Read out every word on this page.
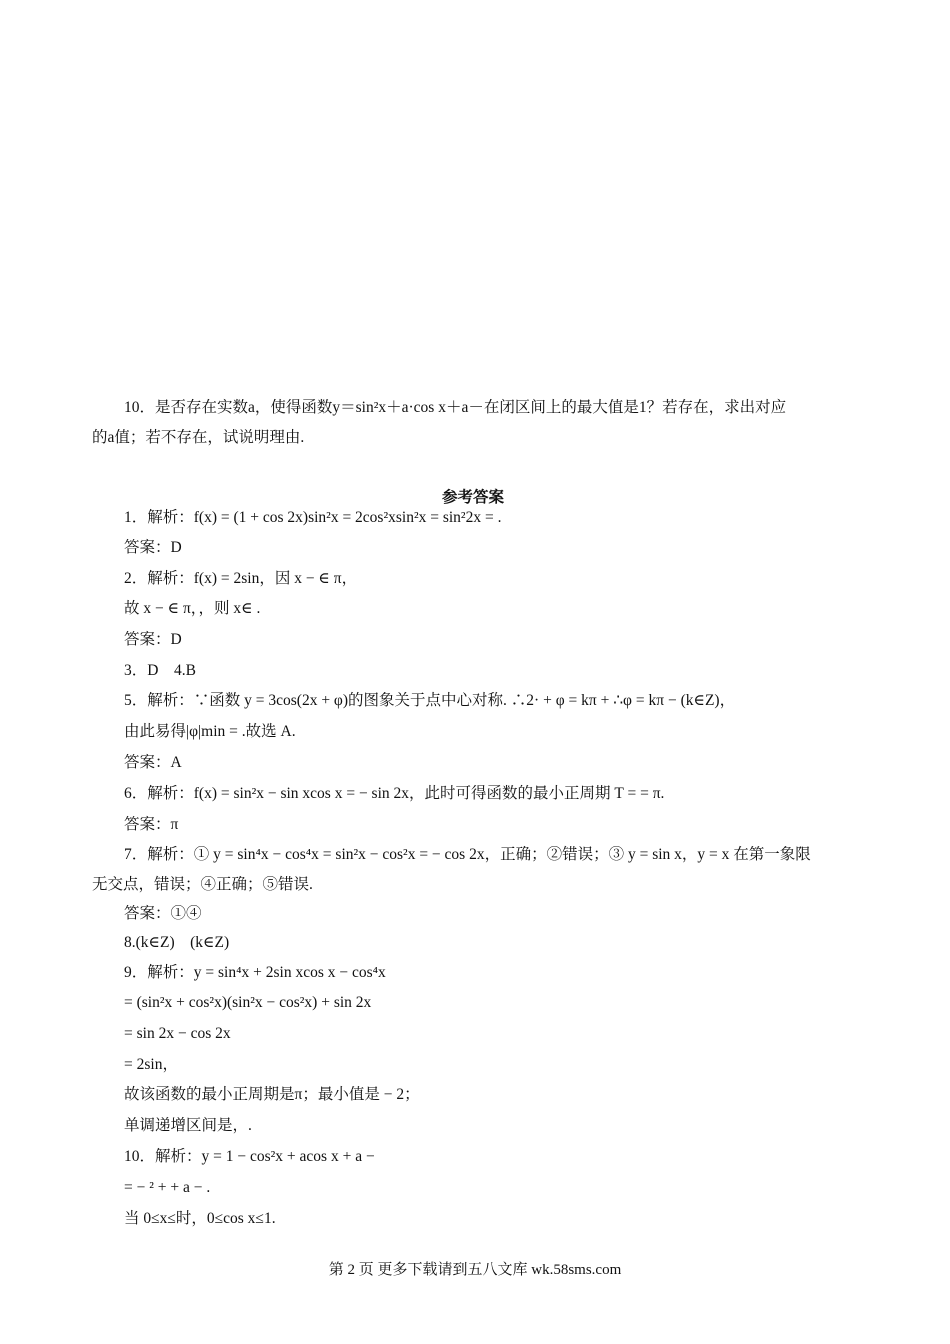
10．是否存在实数a，使得函数y＝sin²x＋a·cos x＋a－在闭区间上的最大值是1？若存在，求出对应
的a值；若不存在，试说明理由.
参考答案
1．解析：f(x) = (1 + cos 2x)sin²x = 2cos²xsin²x = sin²2x = .
答案：D
2．解析：f(x) = 2sin，因 x − ∈ π，
故 x − ∈ π，，则 x∈ .
答案：D
3．D　4.B
5．解析：∵函数 y = 3cos(2x + φ)的图象关于点中心对称. ∴2· + φ = kπ + ∴φ = kπ − (k∈Z)，
由此易得|φ|min = .故选 A.
答案：A
6．解析：f(x) = sin²x − sin xcos x = − sin 2x，此时可得函数的最小正周期 T = = π.
答案：π
7．解析：① y = sin⁴x − cos⁴x = sin²x − cos²x = − cos 2x，正确；②错误；③ y = sin x，y = x 在第一象限
无交点，错误；④正确；⑤错误.
答案：①④
8.(k∈Z)　(k∈Z)
9．解析：y = sin⁴x + 2sin xcos x − cos⁴x
= (sin²x + cos²x)(sin²x − cos²x) + sin 2x
= sin 2x − cos 2x
= 2sin，
故该函数的最小正周期是π；最小值是 − 2；
单调递增区间是，.
10．解析：y = 1 − cos²x + acos x + a −
= − ² + + a − .
当 0≤x≤时，0≤cos x≤1.
第 2 页 更多下载请到五八文库 wk.58sms.com
